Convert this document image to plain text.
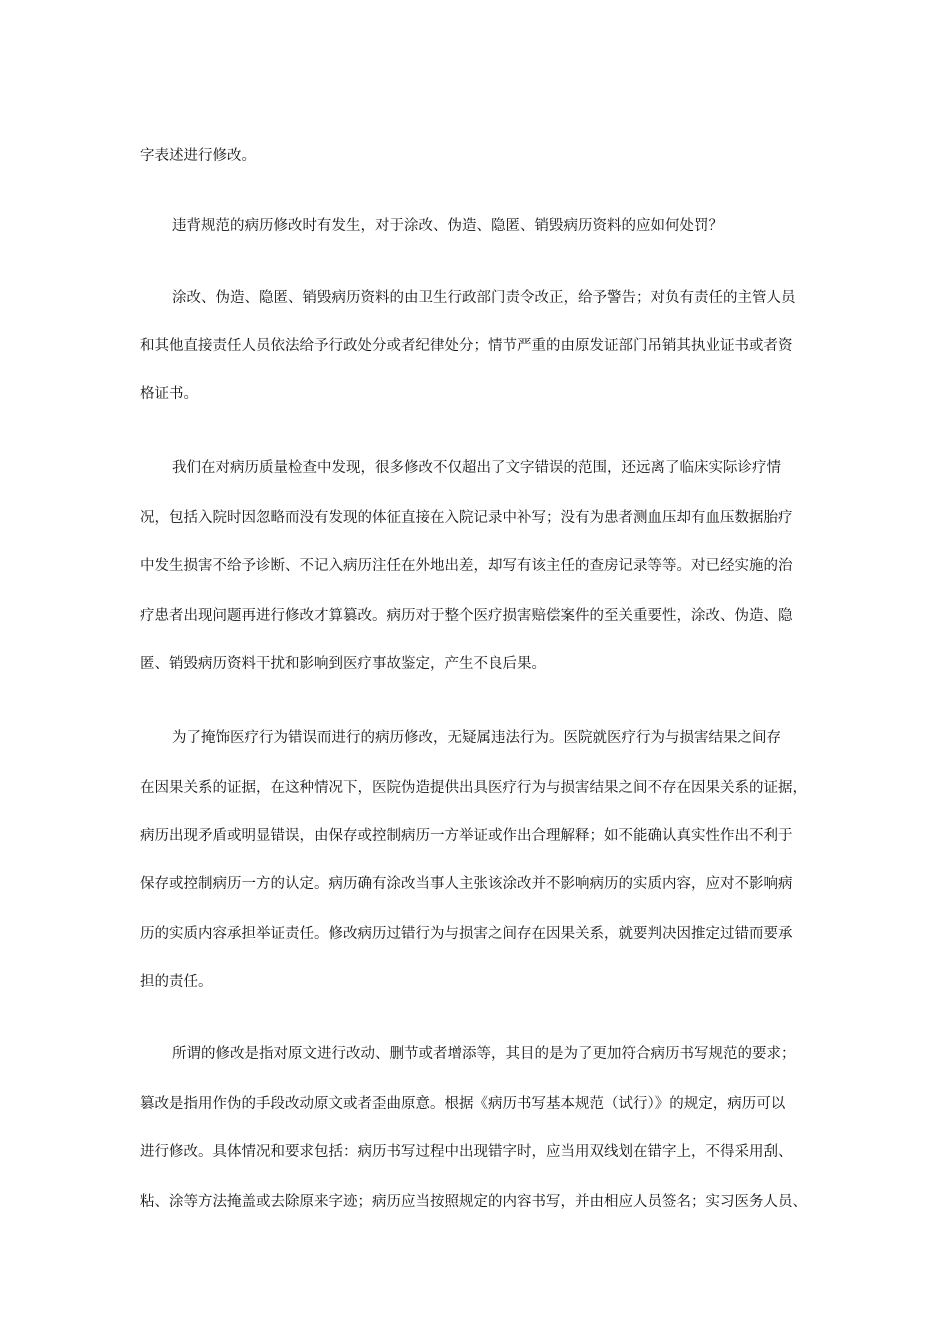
字表述进行修改。
违背规范的病历修改时有发生，对于涂改、伪造、隐匿、销毁病历资料的应如何处罚？
涂改、伪造、隐匿、销毁病历资料的由卫生行政部门责令改正，给予警告；对负有责任的主管人员
和其他直接责任人员依法给予行政处分或者纪律处分；情节严重的由原发证部门吊销其执业证书或者资
格证书。
我们在对病历质量检查中发现，很多修改不仅超出了文字错误的范围，还远离了临床实际诊疗情
况，包括入院时因忽略而没有发现的体征直接在入院记录中补写；没有为患者测血压却有血压数据胎疗
中发生损害不给予诊断、不记入病历注任在外地出差，却写有该主任的查房记录等等。对已经实施的治
疗患者出现问题再进行修改才算篡改。病历对于整个医疗损害赔偿案件的至关重要性，涂改、伪造、隐
匿、销毁病历资料干扰和影响到医疗事故鉴定，产生不良后果。
为了掩饰医疗行为错误而进行的病历修改，无疑属违法行为。医院就医疗行为与损害结果之间存
在因果关系的证据，在这种情况下，医院伪造提供出具医疗行为与损害结果之间不存在因果关系的证据，
病历出现矛盾或明显错误，由保存或控制病历一方举证或作出合理解释；如不能确认真实性作出不利于
保存或控制病历一方的认定。病历确有涂改当事人主张该涂改并不影响病历的实质内容，应对不影响病
历的实质内容承担举证责任。修改病历过错行为与损害之间存在因果关系，就要判决因推定过错而要承
担的责任。
所谓的修改是指对原文进行改动、删节或者增添等，其目的是为了更加符合病历书写规范的要求；
篡改是指用作伪的手段改动原文或者歪曲原意。根据《病历书写基本规范（试行）》的规定，病历可以
进行修改。具体情况和要求包括：病历书写过程中出现错字时，应当用双线划在错字上，不得采用刮、
粘、涂等方法掩盖或去除原来字迹；病历应当按照规定的内容书写，并由相应人员签名；实习医务人员、
